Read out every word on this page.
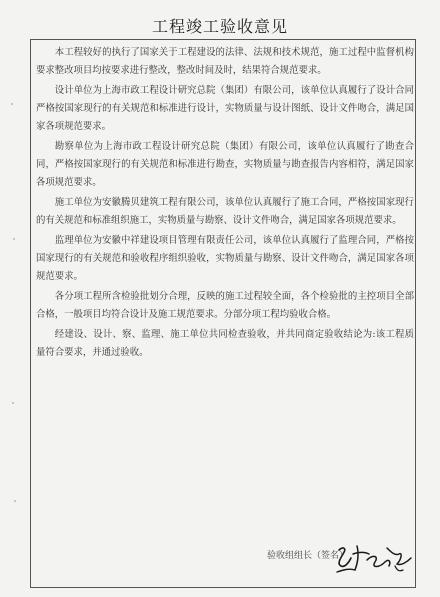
工程竣工验收意见

本工程较好的执行了国家关于工程建设的法律、法规和技术规范，施工过程中监督机构要求整改项目均按要求进行整改，整改时间及时，结果符合规范要求。

设计单位为上海市政工程设计研究总院（集团）有限公司，该单位认真履行了设计合同严格按国家现行的有关规范和标准进行设计，实物质量与设计图纸、设计文件吻合，满足国家各项规范要求。

勘察单位为上海市政工程设计研究总院（集团）有限公司，该单位认真履行了勘查合同，严格按国家现行的有关规范和标准进行勘查，实物质量与勘查报告内容相符，满足国家各项规范要求。

施工单位为安徽腾贝建筑工程有限公司，该单位认真履行了施工合同，严格按国家现行的有关规范和标准组织施工，实物质量与勘察、设计文件吻合，满足国家各项规范要求。

监理单位为安徽中祥建设项目管理有限责任公司，该单位认真履行了监理合同，严格按国家现行的有关规范和验收程序组织验收，实物质量与勘察、设计文件吻合，满足国家各项规范要求。

各分项工程所含检验批划分合理，反映的施工过程较全面，各个检验批的主控项目全部合格，一般项目均符合设计及施工规范要求。分部分项工程均验收合格。

经建设、设计、察、监理、施工单位共同检查验收，并共同商定验收结论为:该工程质量符合要求，并通过验收。

验收组组长（签名）
